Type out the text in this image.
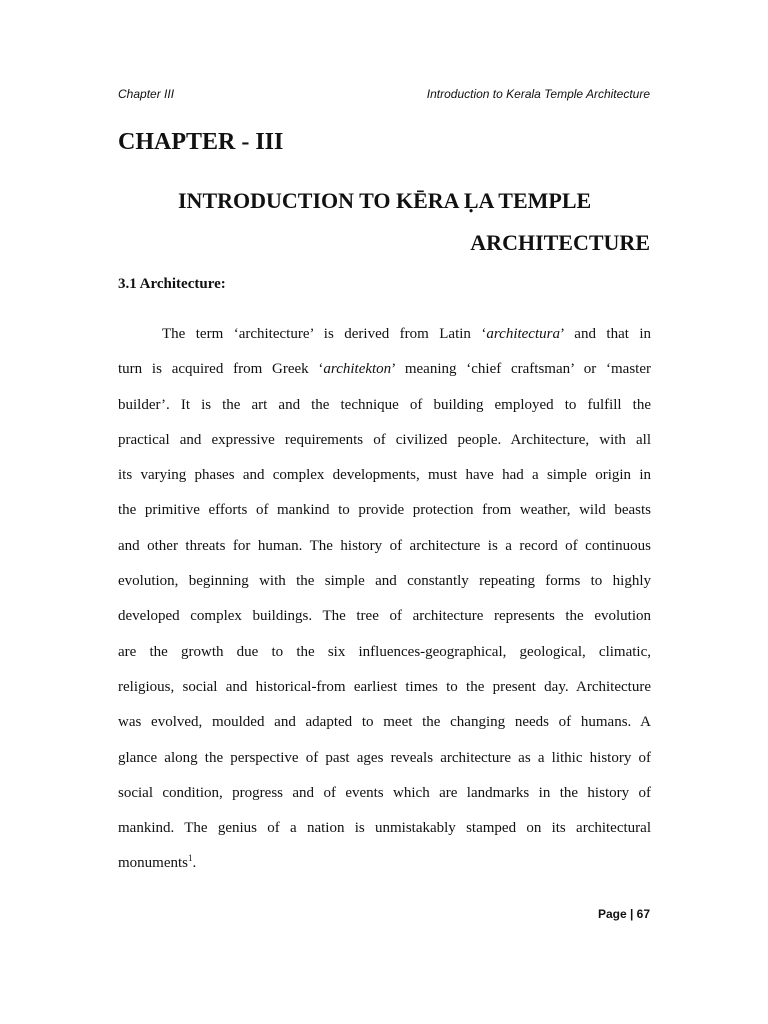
Chapter III	Introduction to Kerala Temple Architecture
CHAPTER - III
INTRODUCTION TO KĒRA ḶA TEMPLE
ARCHITECTURE
3.1 Architecture:
The term ‘architecture’ is derived from Latin ‘architectura’ and that in
turn is acquired from Greek ‘architekton’ meaning ‘chief craftsman’ or ‘master
builder’. It is the art and the technique of building employed to fulfill the
practical and expressive requirements of civilized people. Architecture, with all
its varying phases and complex developments, must have had a simple origin in
the primitive efforts of mankind to provide protection from weather, wild beasts
and other threats for human. The history of architecture is a record of continuous
evolution, beginning with the simple and constantly repeating forms to highly
developed complex buildings. The tree of architecture represents the evolution
are the growth due to the six influences-geographical, geological, climatic,
religious, social and historical-from earliest times to the present day. Architecture
was evolved, moulded and adapted to meet the changing needs of humans. A
glance along the perspective of past ages reveals architecture as a lithic history of
social condition, progress and of events which are landmarks in the history of
mankind. The genius of a nation is unmistakably stamped on its architectural
monuments$^1$.
Page | 67
